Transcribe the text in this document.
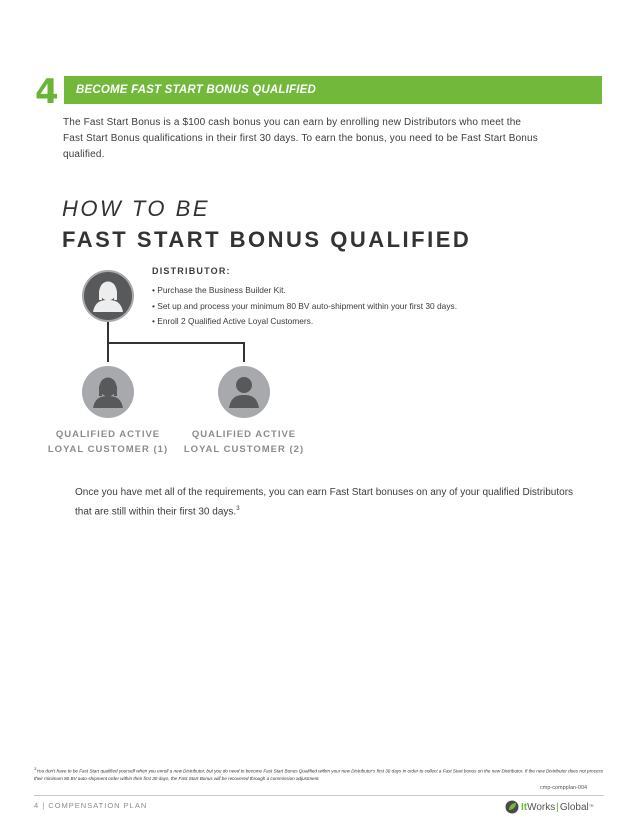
4 BECOME FAST START BONUS QUALIFIED
The Fast Start Bonus is a $100 cash bonus you can earn by enrolling new Distributors who meet the Fast Start Bonus qualifications in their first 30 days. To earn the bonus, you need to be Fast Start Bonus qualified.
HOW TO BE
FAST START BONUS QUALIFIED
DISTRIBUTOR:
• Purchase the Business Builder Kit.
• Set up and process your minimum 80 BV auto-shipment within your first 30 days.
• Enroll 2 Qualified Active Loyal Customers.
QUALIFIED ACTIVE
LOYAL CUSTOMER (1)
QUALIFIED ACTIVE
LOYAL CUSTOMER (2)
Once you have met all of the requirements, you can earn Fast Start bonuses on any of your qualified Distributors that are still within their first 30 days.$^3$
$^3$You don't have to be Fast Start qualified yourself when you enroll a new Distributor, but you do need to become Fast Start Bonus Qualified within your new Distributor's first 30 days in order to collect a Fast Start bonus on the new Distributor. If the new Distributor does not process their minimum 80 BV auto-shipment order within their first 30 days, the Fast Start Bonus will be recovered through a commission adjustment.
cmp-compplan-004
4 | COMPENSATION PLAN	It Works | Global ™
